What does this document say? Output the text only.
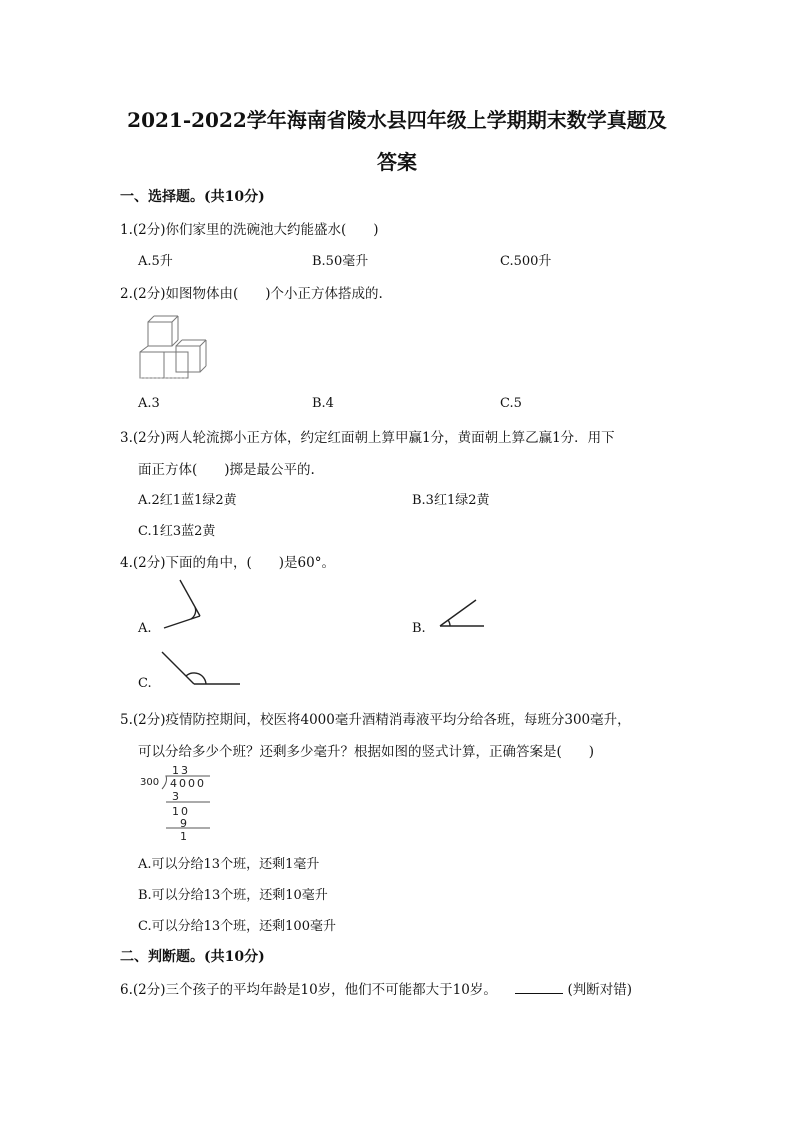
2021-2022学年海南省陵水县四年级上学期期末数学真题及
答案
一、选择题。(共10分)
1.(2分)你们家里的洗碗池大约能盛水(　　)
A.5升	B.50毫升	C.500升
2.(2分)如图物体由(　　)个小正方体搭成的.
A.3	B.4	C.5
3.(2分)两人轮流掷小正方体，约定红面朝上算甲赢1分，黄面朝上算乙赢1分．用下
面正方体(　　)掷是最公平的.
A.2红1蓝1绿2黄	B.3红1绿2黄
C.1红3蓝2黄
4.(2分)下面的角中，(　　)是60°。
A.	B.
C.
5.(2分)疫情防控期间，校医将4000毫升酒精消毒液平均分给各班，每班分300毫升，
可以分给多少个班？还剩多少毫升？根据如图的竖式计算，正确答案是(　　)
13
300 4000
3
10
9
1
A.可以分给13个班，还剩1毫升
B.可以分给13个班，还剩10毫升
C.可以分给13个班，还剩100毫升
二、判断题。(共10分)
6.(2分)三个孩子的平均年龄是10岁，他们不可能都大于10岁。	(判断对错)
